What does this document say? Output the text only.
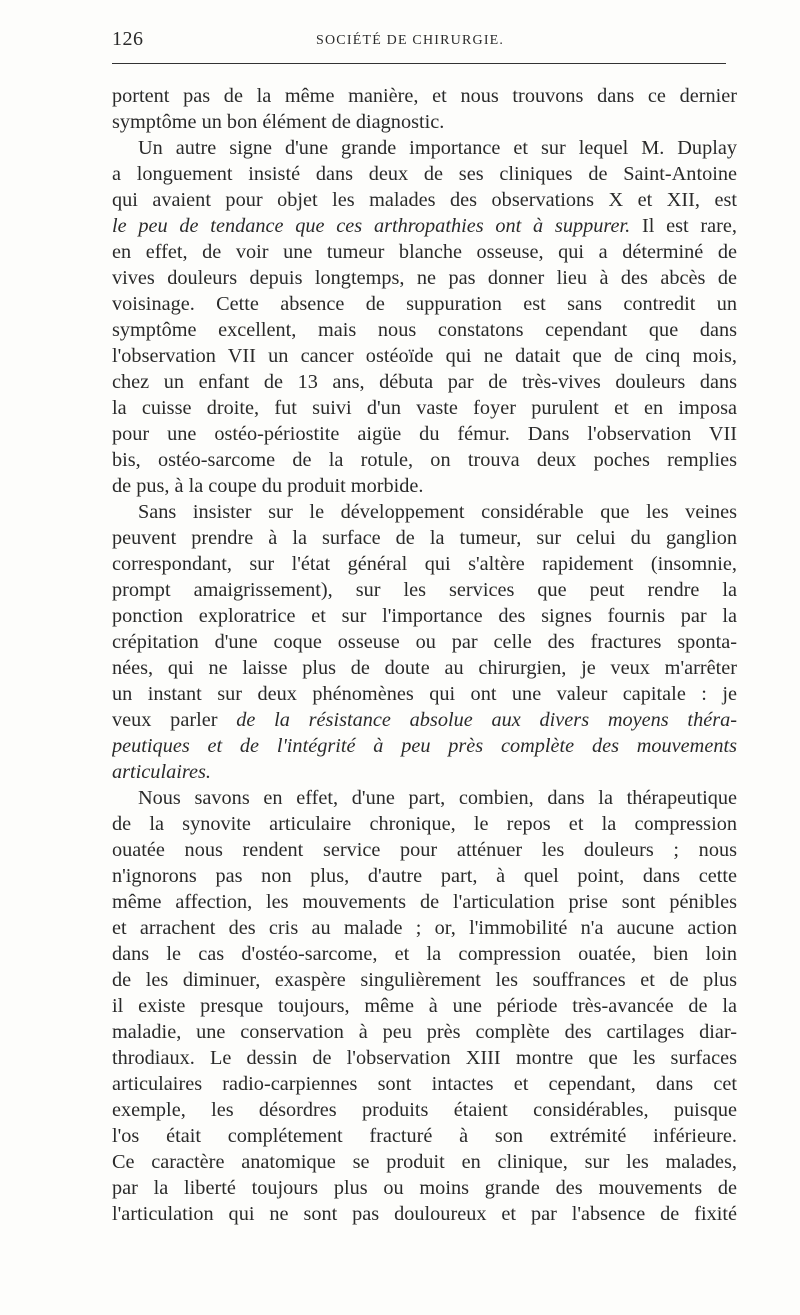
126	SOCIÉTÉ DE CHIRURGIE.
portent pas de la même manière, et nous trouvons dans ce dernier
symptôme un bon élément de diagnostic.
Un autre signe d'une grande importance et sur lequel M. Duplay
a longuement insisté dans deux de ses cliniques de Saint-Antoine
qui avaient pour objet les malades des observations X et XII, est
le peu de tendance que ces arthropathies ont à suppurer. Il est rare,
en effet, de voir une tumeur blanche osseuse, qui a déterminé de
vives douleurs depuis longtemps, ne pas donner lieu à des abcès de
voisinage. Cette absence de suppuration est sans contredit un
symptôme excellent, mais nous constatons cependant que dans
l'observation VII un cancer ostéoïde qui ne datait que de cinq mois,
chez un enfant de 13 ans, débuta par de très-vives douleurs dans
la cuisse droite, fut suivi d'un vaste foyer purulent et en imposa
pour une ostéo-périostite aigüe du fémur. Dans l'observation VII
bis, ostéo-sarcome de la rotule, on trouva deux poches remplies
de pus, à la coupe du produit morbide.
Sans insister sur le développement considérable que les veines
peuvent prendre à la surface de la tumeur, sur celui du ganglion
correspondant, sur l'état général qui s'altère rapidement (insomnie,
prompt amaigrissement), sur les services que peut rendre la
ponction exploratrice et sur l'importance des signes fournis par la
crépitation d'une coque osseuse ou par celle des fractures sponta-
nées, qui ne laisse plus de doute au chirurgien, je veux m'arrêter
un instant sur deux phénomènes qui ont une valeur capitale : je
veux parler de la résistance absolue aux divers moyens théra-
peutiques et de l'intégrité à peu près complète des mouvements
articulaires.
Nous savons en effet, d'une part, combien, dans la thérapeutique
de la synovite articulaire chronique, le repos et la compression
ouatée nous rendent service pour atténuer les douleurs ; nous
n'ignorons pas non plus, d'autre part, à quel point, dans cette
même affection, les mouvements de l'articulation prise sont pénibles
et arrachent des cris au malade ; or, l'immobilité n'a aucune action
dans le cas d'ostéo-sarcome, et la compression ouatée, bien loin
de les diminuer, exaspère singulièrement les souffrances et de plus
il existe presque toujours, même à une période très-avancée de la
maladie, une conservation à peu près complète des cartilages diar-
throdiaux. Le dessin de l'observation XIII montre que les surfaces
articulaires radio-carpiennes sont intactes et cependant, dans cet
exemple, les désordres produits étaient considérables, puisque
l'os était complétement fracturé à son extrémité inférieure.
Ce caractère anatomique se produit en clinique, sur les malades,
par la liberté toujours plus ou moins grande des mouvements de
l'articulation qui ne sont pas douloureux et par l'absence de fixité
